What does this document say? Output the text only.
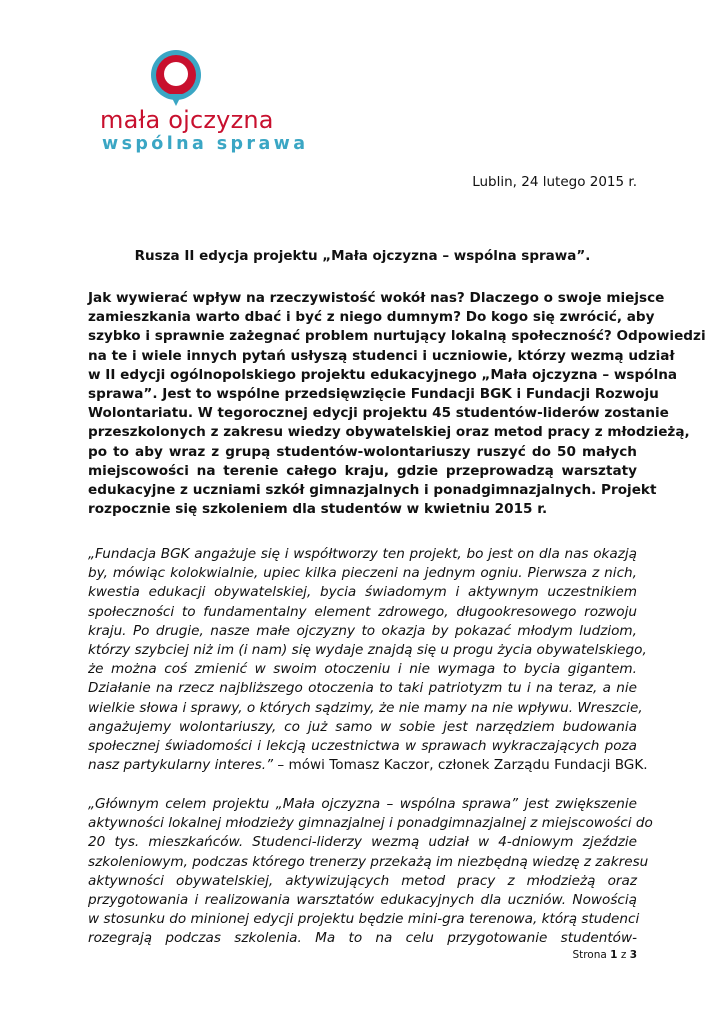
mała ojczyzna
wspólna sprawa
Lublin, 24 lutego 2015 r.
Rusza II edycja projektu „Mała ojczyzna – wspólna sprawa”.
Jak wywierać wpływ na rzeczywistość wokół nas? Dlaczego o swoje miejsce
zamieszkania warto dbać i być z niego dumnym? Do kogo się zwrócić, aby
szybko i sprawnie zażegnać problem nurtujący lokalną społeczność? Odpowiedzi
na te i wiele innych pytań usłyszą studenci i uczniowie, którzy wezmą udział
w II edycji ogólnopolskiego projektu edukacyjnego „Mała ojczyzna – wspólna
sprawa”. Jest to wspólne przedsięwzięcie Fundacji BGK i Fundacji Rozwoju
Wolontariatu. W tegorocznej edycji projektu 45 studentów-liderów zostanie
przeszkolonych z zakresu wiedzy obywatelskiej oraz metod pracy z młodzieżą,
po to aby wraz z grupą studentów-wolontariuszy ruszyć do 50 małych
miejscowości na terenie całego kraju, gdzie przeprowadzą warsztaty
edukacyjne z uczniami szkół gimnazjalnych i ponadgimnazjalnych. Projekt
rozpocznie się szkoleniem dla studentów w kwietniu 2015 r.
„Fundacja BGK angażuje się i współtworzy ten projekt, bo jest on dla nas okazją
by, mówiąc kolokwialnie, upiec kilka pieczeni na jednym ogniu. Pierwsza z nich,
kwestia edukacji obywatelskiej, bycia świadomym i aktywnym uczestnikiem
społeczności to fundamentalny element zdrowego, długookresowego rozwoju
kraju. Po drugie, nasze małe ojczyzny to okazja by pokazać młodym ludziom,
którzy szybciej niż im (i nam) się wydaje znajdą się u progu życia obywatelskiego,
że można coś zmienić w swoim otoczeniu i nie wymaga to bycia gigantem.
Działanie na rzecz najbliższego otoczenia to taki patriotyzm tu i na teraz, a nie
wielkie słowa i sprawy, o których sądzimy, że nie mamy na nie wpływu. Wreszcie,
angażujemy wolontariuszy, co już samo w sobie jest narzędziem budowania
społecznej świadomości i lekcją uczestnictwa w sprawach wykraczających poza
nasz partykularny interes.” – mówi Tomasz Kaczor, członek Zarządu Fundacji BGK.
„Głównym celem projektu „Mała ojczyzna – wspólna sprawa” jest zwiększenie
aktywności lokalnej młodzieży gimnazjalnej i ponadgimnazjalnej z miejscowości do
20 tys. mieszkańców. Studenci-liderzy wezmą udział w 4-dniowym zjeździe
szkoleniowym, podczas którego trenerzy przekażą im niezbędną wiedzę z zakresu
aktywności obywatelskiej, aktywizujących metod pracy z młodzieżą oraz
przygotowania i realizowania warsztatów edukacyjnych dla uczniów. Nowością
w stosunku do minionej edycji projektu będzie mini-gra terenowa, którą studenci
rozegrają podczas szkolenia. Ma to na celu przygotowanie studentów-
Strona 1 z 3
